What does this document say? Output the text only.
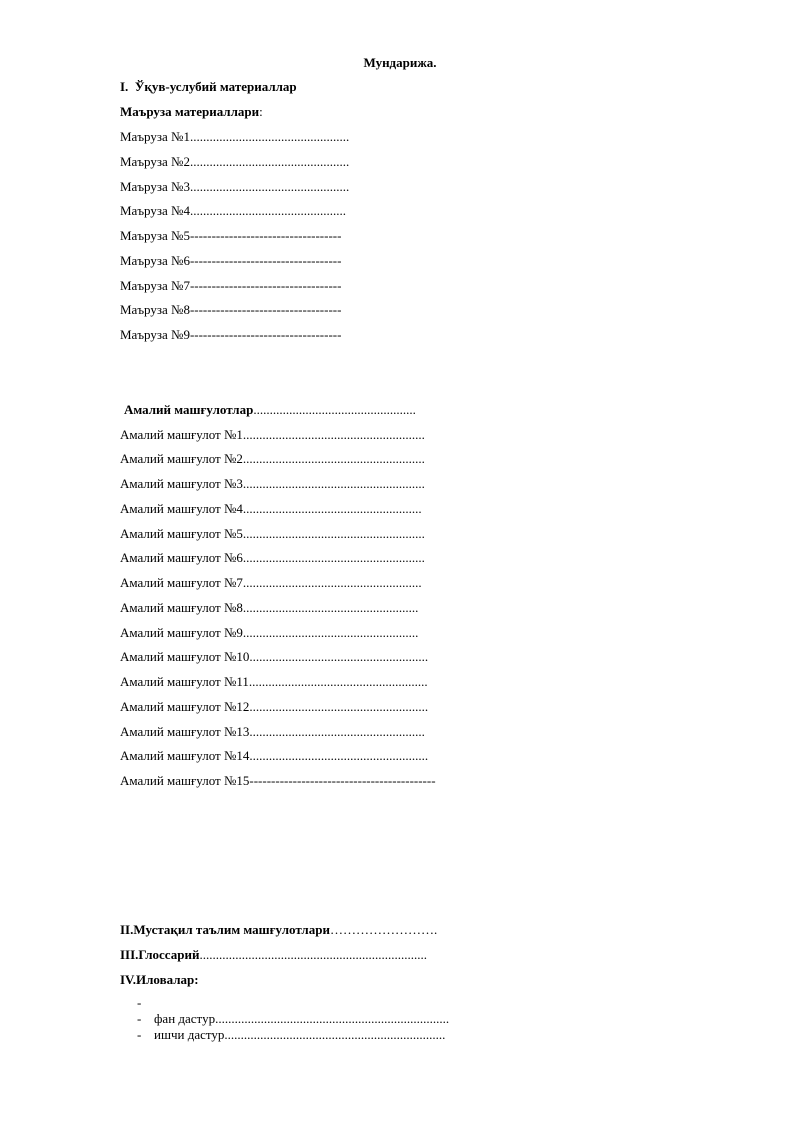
Мундарижа.
I. Ўқув-услубий материаллар
Маъруза материаллари:
Маъруза №1.................................................
Маъруза №2.................................................
Маъруза №3.................................................
Маъруза №4................................................
Маъруза №5-----------------------------------
Маъруза №6-----------------------------------
Маъруза №7-----------------------------------
Маъруза №8-----------------------------------
Маъруза №9-----------------------------------
Амалий машғулотлар..................................................
Амалий машғулот №1........................................................
Амалий машғулот №2........................................................
Амалий машғулот №3........................................................
Амалий машғулот №4.......................................................
Амалий машғулот №5........................................................
Амалий машғулот №6........................................................
Амалий машғулот №7.......................................................
Амалий машғулот №8......................................................
Амалий машғулот №9......................................................
Амалий машғулот №10.......................................................
Амалий машғулот №11.......................................................
Амалий машғулот №12.......................................................
Амалий машғулот №13......................................................
Амалий машғулот №14.......................................................
Амалий машғулот №15-------------------------------------------
II.Мустақил таълим машғулотлари…………………….
III.Глоссарий......................................................................
IV.Иловалар:
-
- фан дастур........................................................................
- ишчи дастур....................................................................
